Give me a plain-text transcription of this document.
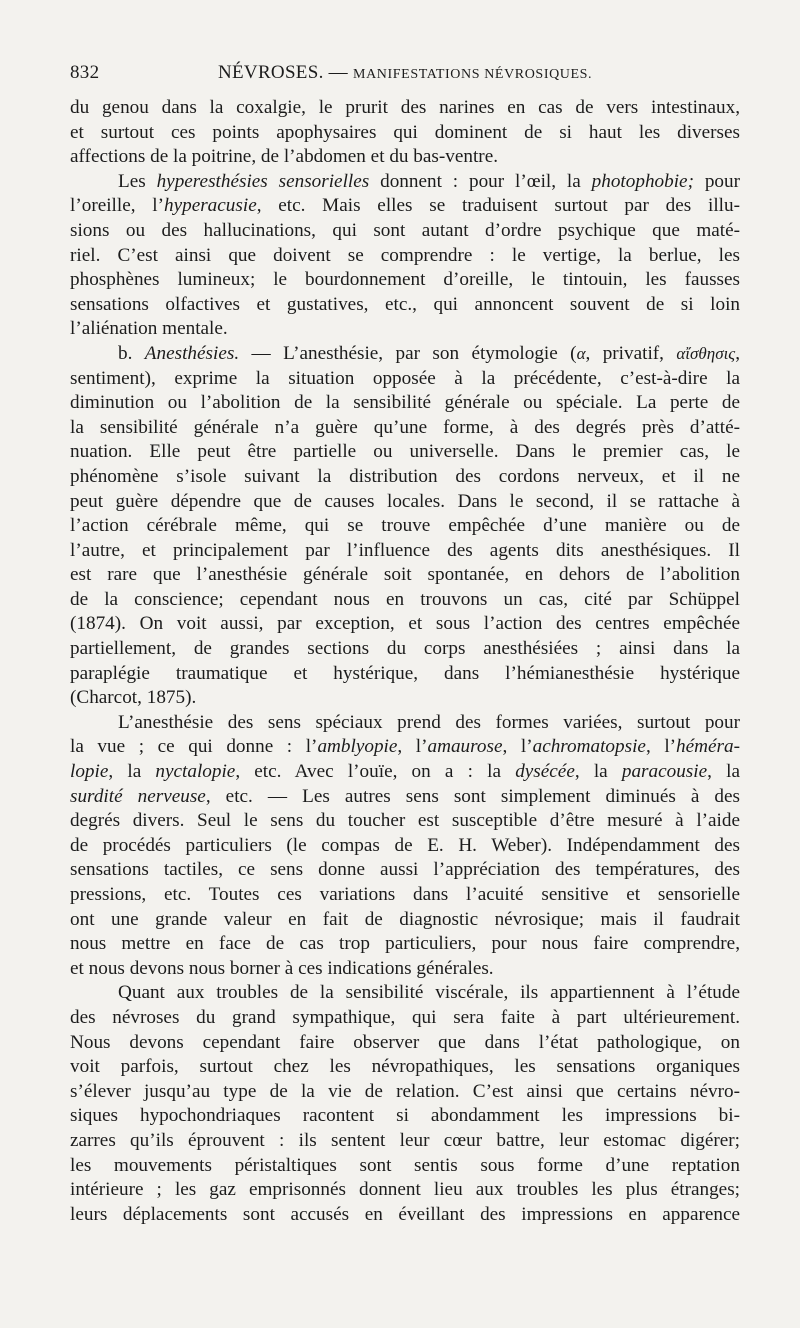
832	NÉVROSES. — MANIFESTATIONS NÉVROSIQUES.
du genou dans la coxalgie, le prurit des narines en cas de vers intestinaux,
et surtout ces points apophysaires qui dominent de si haut les diverses
affections de la poitrine, de l’abdomen et du bas-ventre.
Les hyperesthésies sensorielles donnent : pour l’œil, la photophobie; pour
l’oreille, l’hyperacusie, etc. Mais elles se traduisent surtout par des illu-
sions ou des hallucinations, qui sont autant d’ordre psychique que maté-
riel. C’est ainsi que doivent se comprendre : le vertige, la berlue, les
phosphènes lumineux; le bourdonnement d’oreille, le tintouin, les fausses
sensations olfactives et gustatives, etc., qui annoncent souvent de si loin
l’aliénation mentale.
b. Anesthésies. — L’anesthésie, par son étymologie (α, privatif, αἴσθησις,
sentiment), exprime la situation opposée à la précédente, c’est-à-dire la
diminution ou l’abolition de la sensibilité générale ou spéciale. La perte de
la sensibilité générale n’a guère qu’une forme, à des degrés près d’atté-
nuation. Elle peut être partielle ou universelle. Dans le premier cas, le
phénomène s’isole suivant la distribution des cordons nerveux, et il ne
peut guère dépendre que de causes locales. Dans le second, il se rattache à
l’action cérébrale même, qui se trouve empêchée d’une manière ou de
l’autre, et principalement par l’influence des agents dits anesthésiques. Il
est rare que l’anesthésie générale soit spontanée, en dehors de l’abolition
de la conscience; cependant nous en trouvons un cas, cité par Schüppel
(1874). On voit aussi, par exception, et sous l’action des centres empêchée
partiellement, de grandes sections du corps anesthésiées ; ainsi dans la
paraplégie traumatique et hystérique, dans l’hémianesthésie hystérique
(Charcot, 1875).
L’anesthésie des sens spéciaux prend des formes variées, surtout pour
la vue ; ce qui donne : l’amblyopie, l’amaurose, l’achromatopsie, l’héméra-
lopie, la nyctalopie, etc. Avec l’ouïe, on a : la dysécée, la paracousie, la
surdité nerveuse, etc. — Les autres sens sont simplement diminués à des
degrés divers. Seul le sens du toucher est susceptible d’être mesuré à l’aide
de procédés particuliers (le compas de E. H. Weber). Indépendamment des
sensations tactiles, ce sens donne aussi l’appréciation des températures, des
pressions, etc. Toutes ces variations dans l’acuité sensitive et sensorielle
ont une grande valeur en fait de diagnostic névrosique; mais il faudrait
nous mettre en face de cas trop particuliers, pour nous faire comprendre,
et nous devons nous borner à ces indications générales.
Quant aux troubles de la sensibilité viscérale, ils appartiennent à l’étude
des névroses du grand sympathique, qui sera faite à part ultérieurement.
Nous devons cependant faire observer que dans l’état pathologique, on
voit parfois, surtout chez les névropathiques, les sensations organiques
s’élever jusqu’au type de la vie de relation. C’est ainsi que certains névro-
siques hypochondriaques racontent si abondamment les impressions bi-
zarres qu’ils éprouvent : ils sentent leur cœur battre, leur estomac digérer;
les mouvements péristaltiques sont sentis sous forme d’une reptation
intérieure ; les gaz emprisonnés donnent lieu aux troubles les plus étranges;
leurs déplacements sont accusés en éveillant des impressions en apparence
